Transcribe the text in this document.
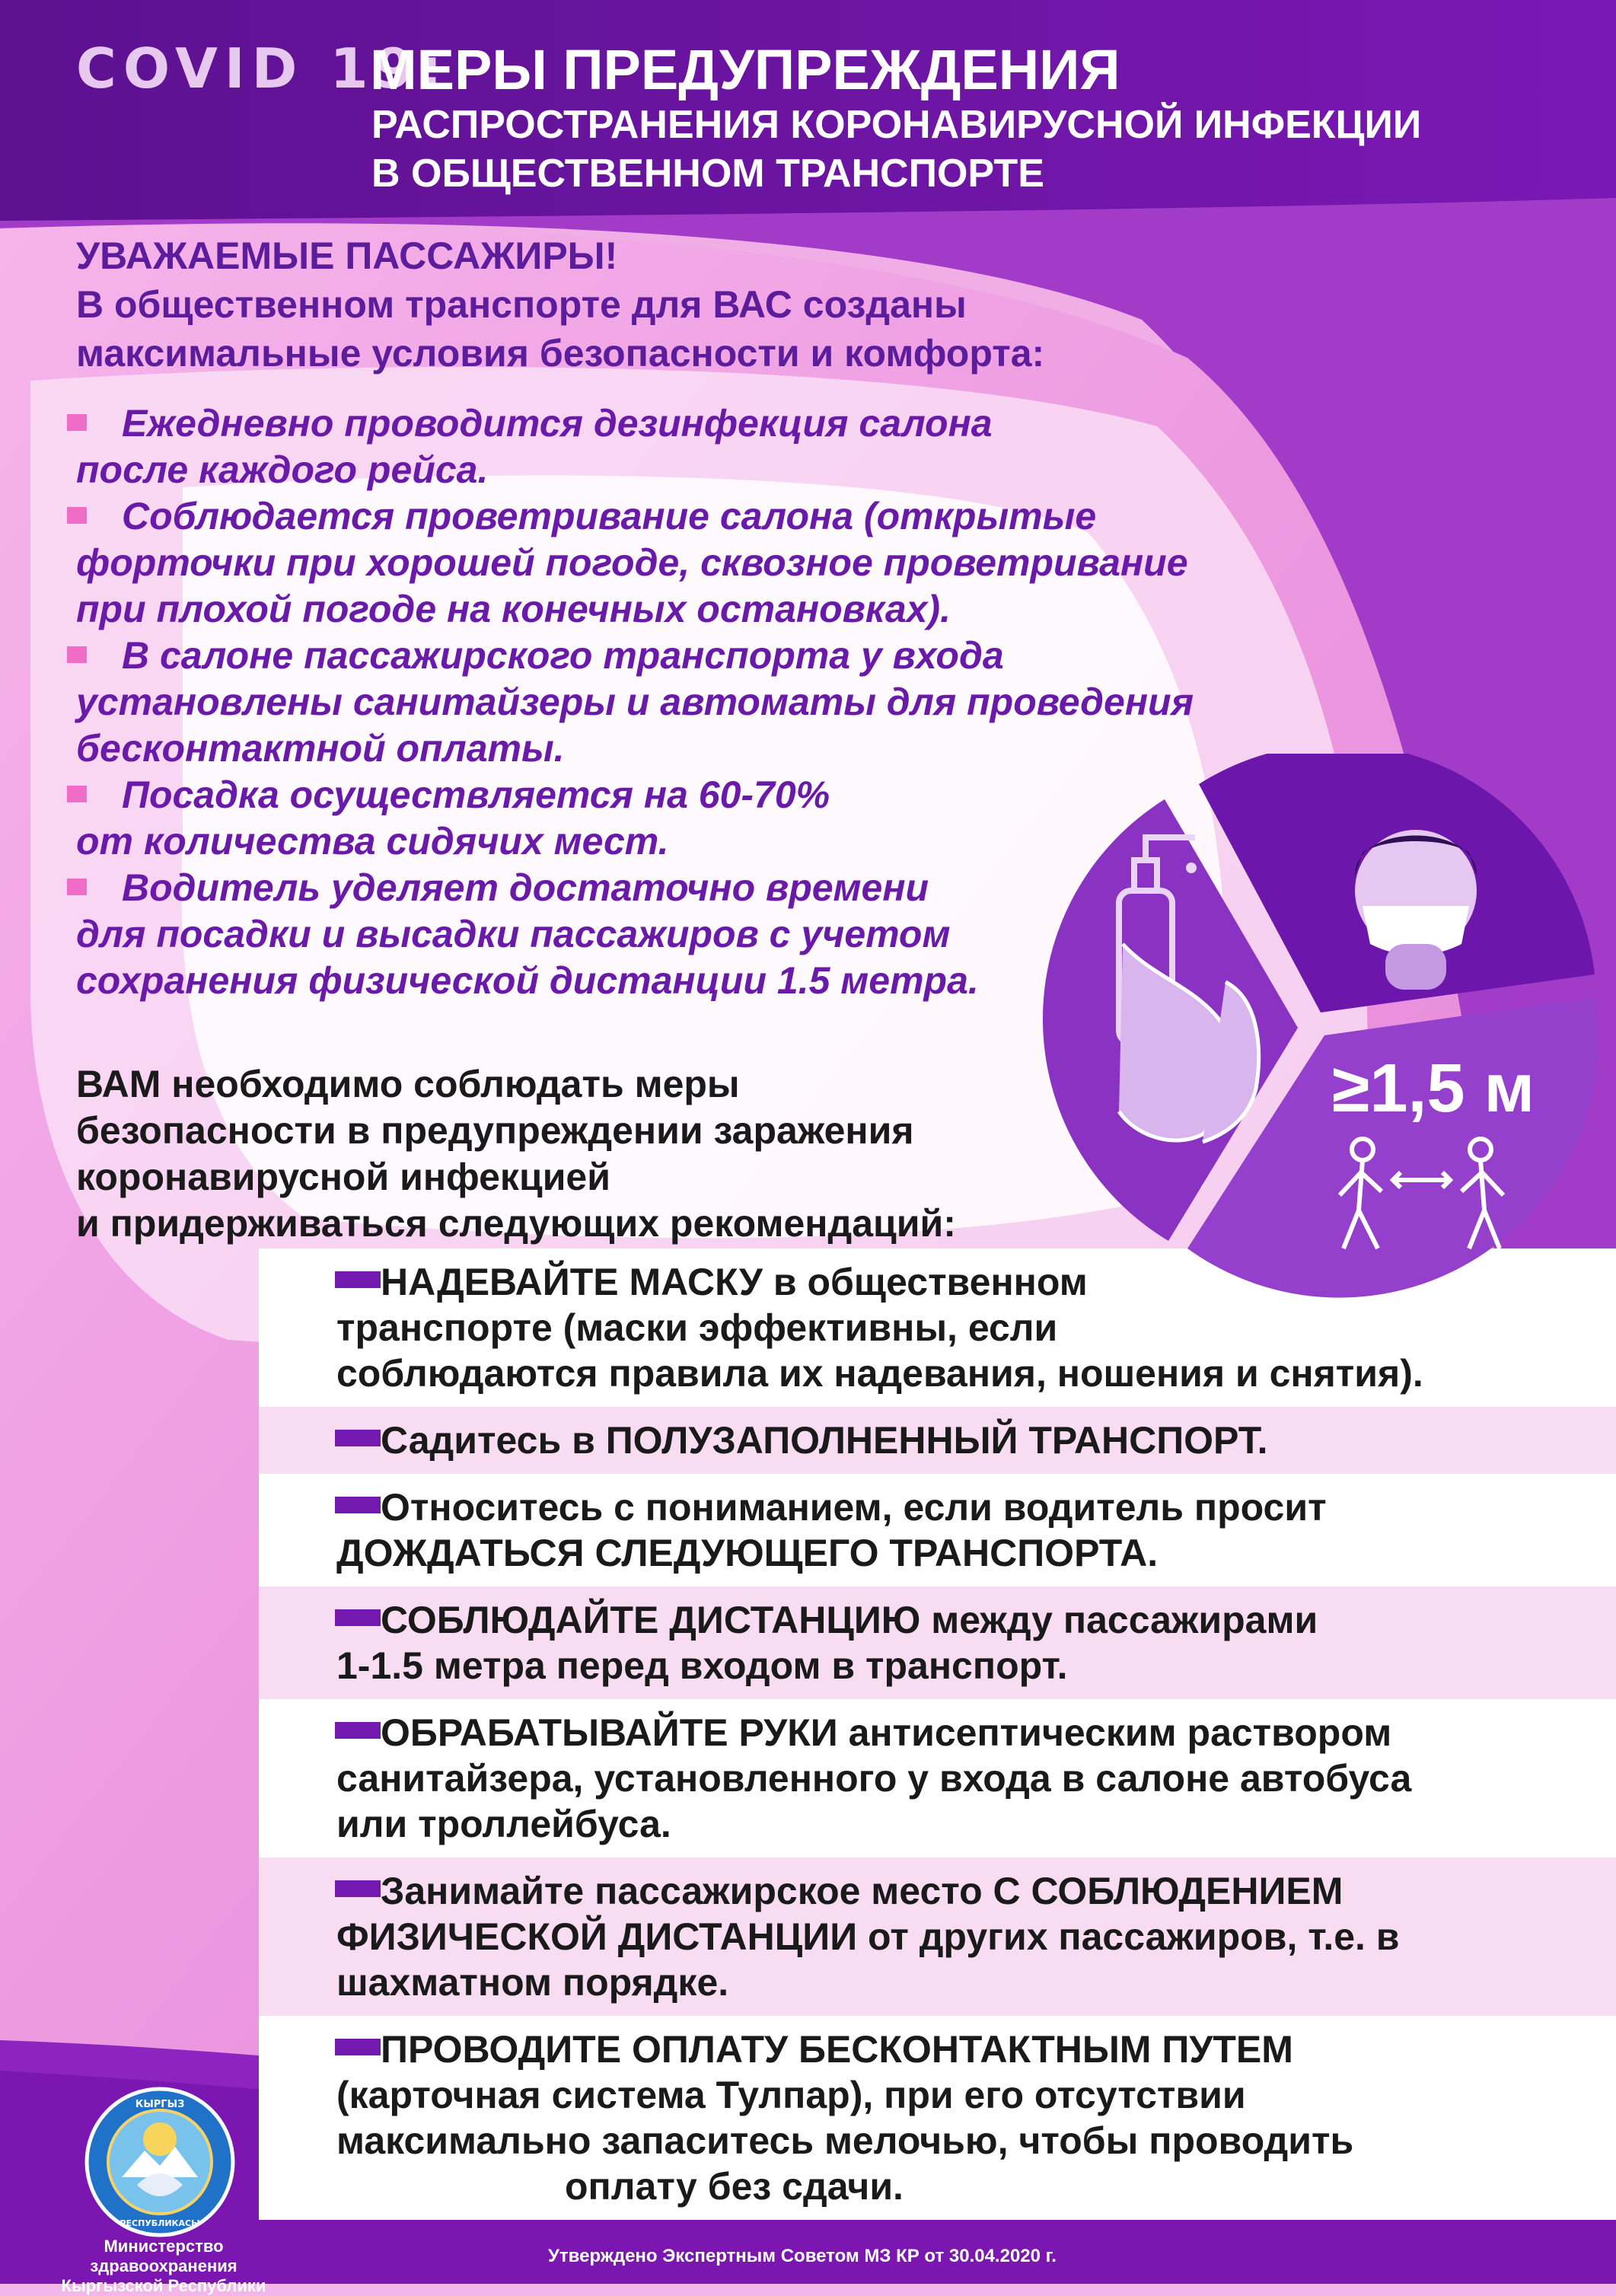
COVID 19:
МЕРЫ ПРЕДУПРЕЖДЕНИЯ
РАСПРОСТРАНЕНИЯ КОРОНАВИРУСНОЙ ИНФЕКЦИИ
В ОБЩЕСТВЕННОМ ТРАНСПОРТЕ
УВАЖАЕМЫЕ ПАССАЖИРЫ!
В общественном транспорте для ВАС созданы
максимальные условия безопасности и комфорта:
Ежедневно проводится дезинфекция салона
после каждого рейса.
Соблюдается проветривание салона (открытые
форточки при хорошей погоде, сквозное проветривание
при плохой погоде на конечных остановках).
В салоне пассажирского транспорта у входа
установлены санитайзеры и автоматы для проведения
бесконтактной оплаты.
Посадка осуществляется на 60-70%
от количества сидячих мест.
Водитель уделяет достаточно времени
для посадки и высадки пассажиров с учетом
сохранения физической дистанции 1.5 метра.
ВАМ необходимо соблюдать меры
безопасности в предупреждении заражения
коронавирусной инфекцией
и придерживаться следующих рекомендаций:
≥1,5 м
НАДЕВАЙТЕ МАСКУ в общественном
транспорте (маски эффективны, если
соблюдаются правила их надевания, ношения и снятия).
Садитесь в ПОЛУЗАПОЛНЕННЫЙ ТРАНСПОРТ.
Относитесь с пониманием, если водитель просит
ДОЖДАТЬСЯ СЛЕДУЮЩЕГО ТРАНСПОРТА.
СОБЛЮДАЙТЕ ДИСТАНЦИЮ между пассажирами
1-1.5 метра перед входом в транспорт.
ОБРАБАТЫВАЙТЕ РУКИ антисептическим раствором
санитайзера, установленного у входа в салоне автобуса
или троллейбуса.
Занимайте пассажирское место С СОБЛЮДЕНИЕМ
ФИЗИЧЕСКОЙ ДИСТАНЦИИ от других пассажиров, т.е. в
шахматном порядке.
ПРОВОДИТЕ ОПЛАТУ БЕСКОНТАКТНЫМ ПУТЕМ
(карточная система Тулпар), при его отсутствии
максимально запаситесь мелочью, чтобы проводить
оплату без сдачи.
КЫРГЫЗ
РЕСПУБЛИКАСЫ
Министерство здравоохранения
Кыргызской Республики
Утверждено Экспертным Советом МЗ КР от 30.04.2020 г.
